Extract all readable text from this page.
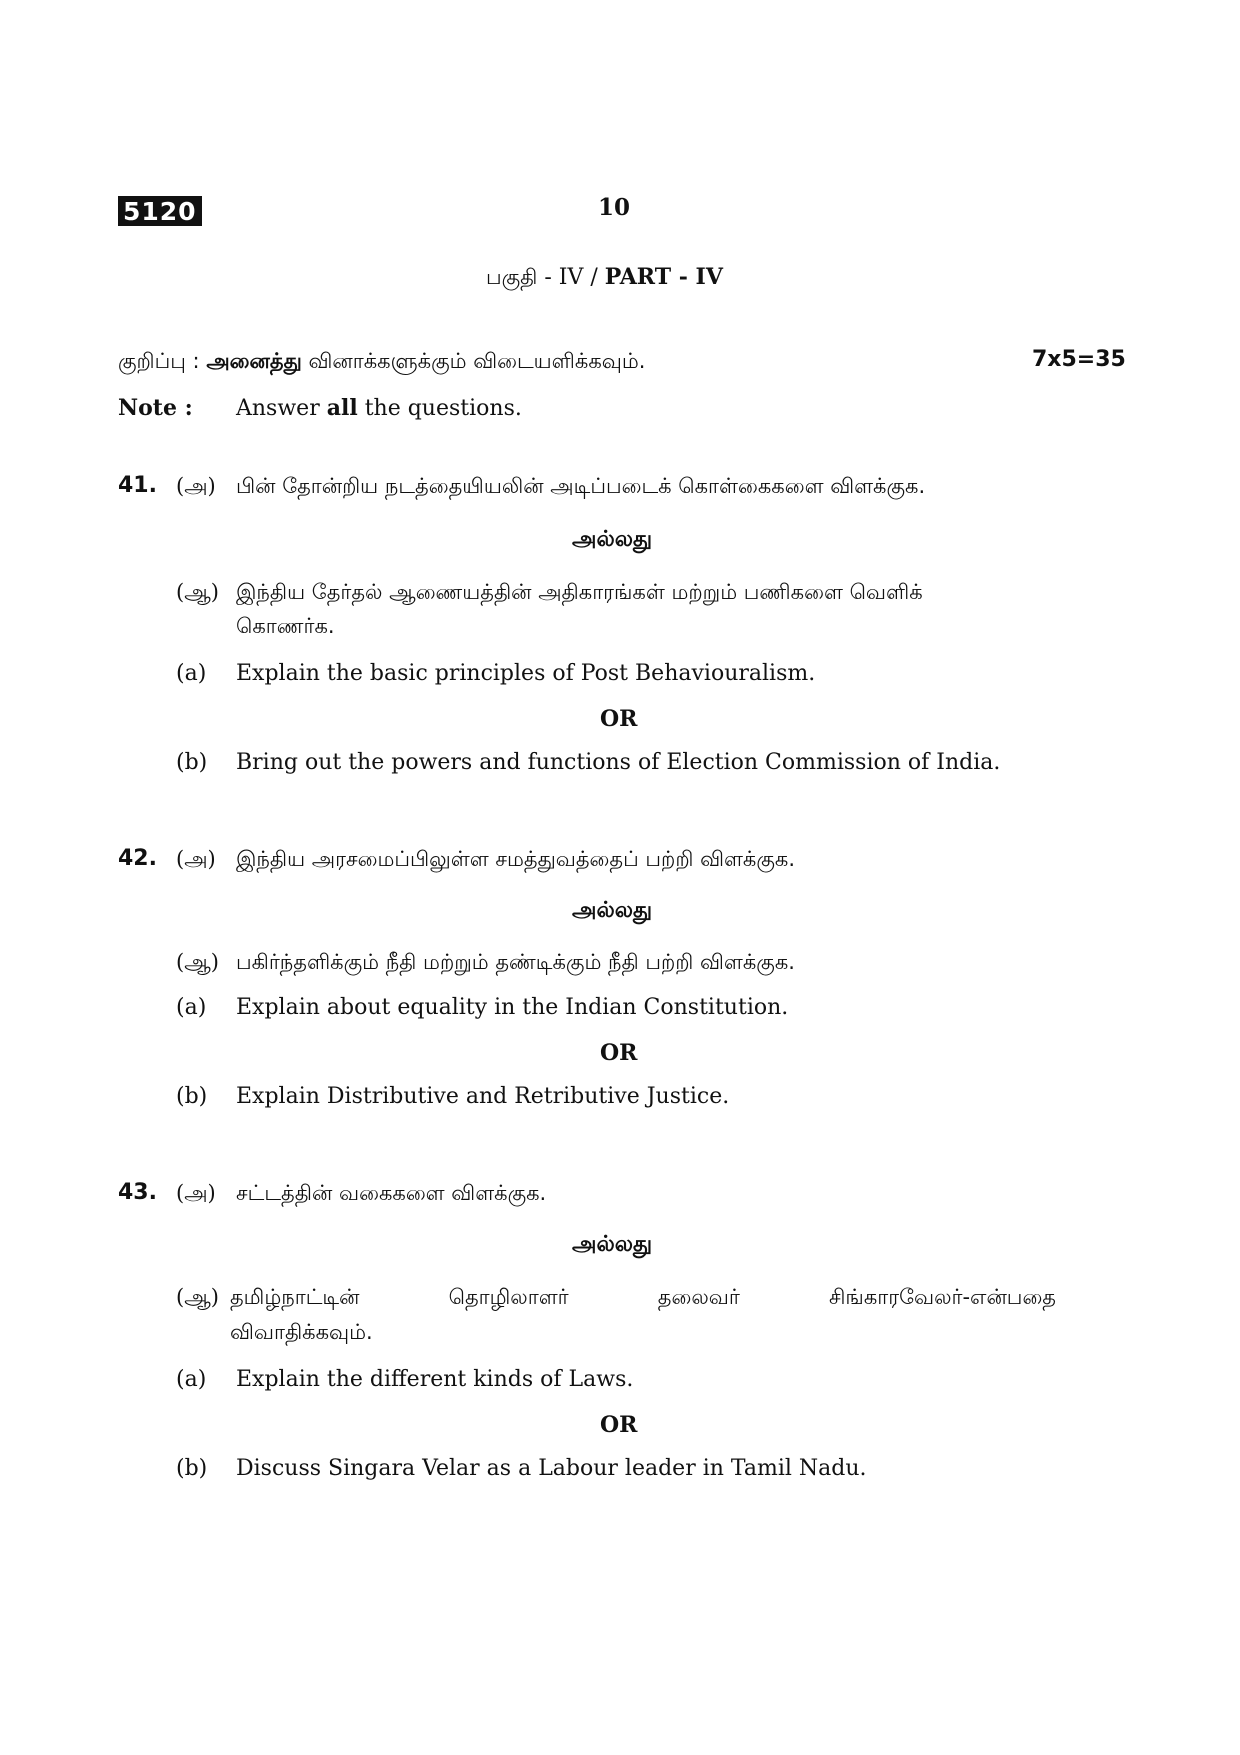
5120	10
பகுதி - IV / PART - IV
குறிப்பு : அனைத்து வினாக்களுக்கும் விடையளிக்கவும்.	7x5=35
Note : Answer all the questions.
41. (அ) பின் தோன்றிய நடத்தையியலின் அடிப்படைக் கொள்கைகளை விளக்குக.
அல்லது
(ஆ) இந்திய தேர்தல் ஆணையத்தின் அதிகாரங்கள் மற்றும் பணிகளை வெளிக்
கொணர்க.
(a) Explain the basic principles of Post Behaviouralism.
OR
(b) Bring out the powers and functions of Election Commission of India.
42. (அ) இந்திய அரசமைப்பிலுள்ள சமத்துவத்தைப் பற்றி விளக்குக.
அல்லது
(ஆ) பகிர்ந்தளிக்கும் நீதி மற்றும் தண்டிக்கும் நீதி பற்றி விளக்குக.
(a) Explain about equality in the Indian Constitution.
OR
(b) Explain Distributive and Retributive Justice.
43. (அ) சட்டத்தின் வகைகளை விளக்குக.
அல்லது
(ஆ) தமிழ்நாட்டின் தொழிலாளர் தலைவர் சிங்காரவேலர்-என்பதை
விவாதிக்கவும்.
(a) Explain the different kinds of Laws.
OR
(b) Discuss Singara Velar as a Labour leader in Tamil Nadu.
